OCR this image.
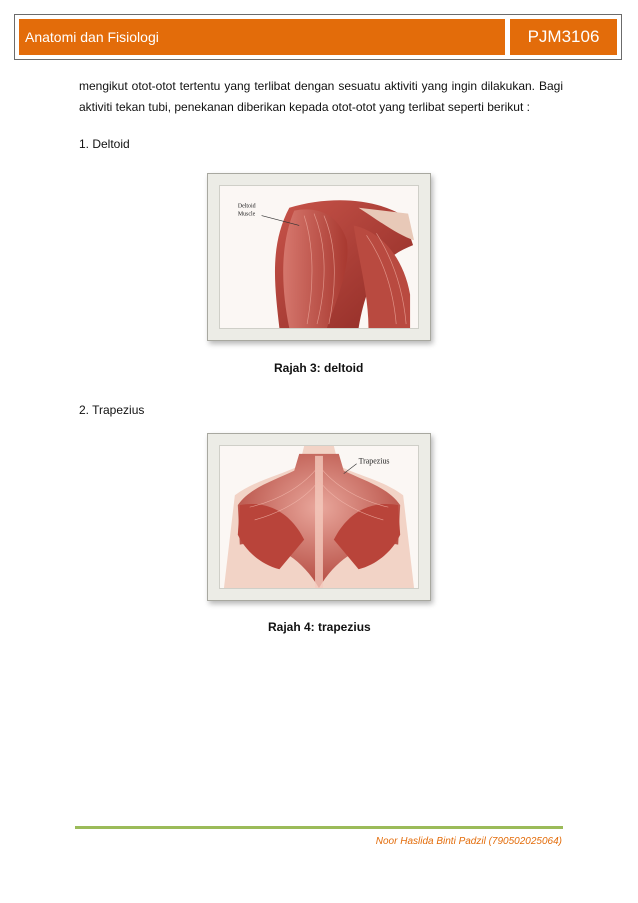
Anatomi dan Fisiologi	PJM3106
mengikut otot-otot tertentu yang terlibat dengan sesuatu aktiviti yang ingin dilakukan. Bagi aktiviti tekan tubi, penekanan diberikan kepada otot-otot yang terlibat seperti berikut :
1. Deltoid
Deltoid
Muscle
Rajah 3: deltoid
2. Trapezius
Trapezius
Rajah 4: trapezius
Noor Haslida Binti Padzil (790502025064)
